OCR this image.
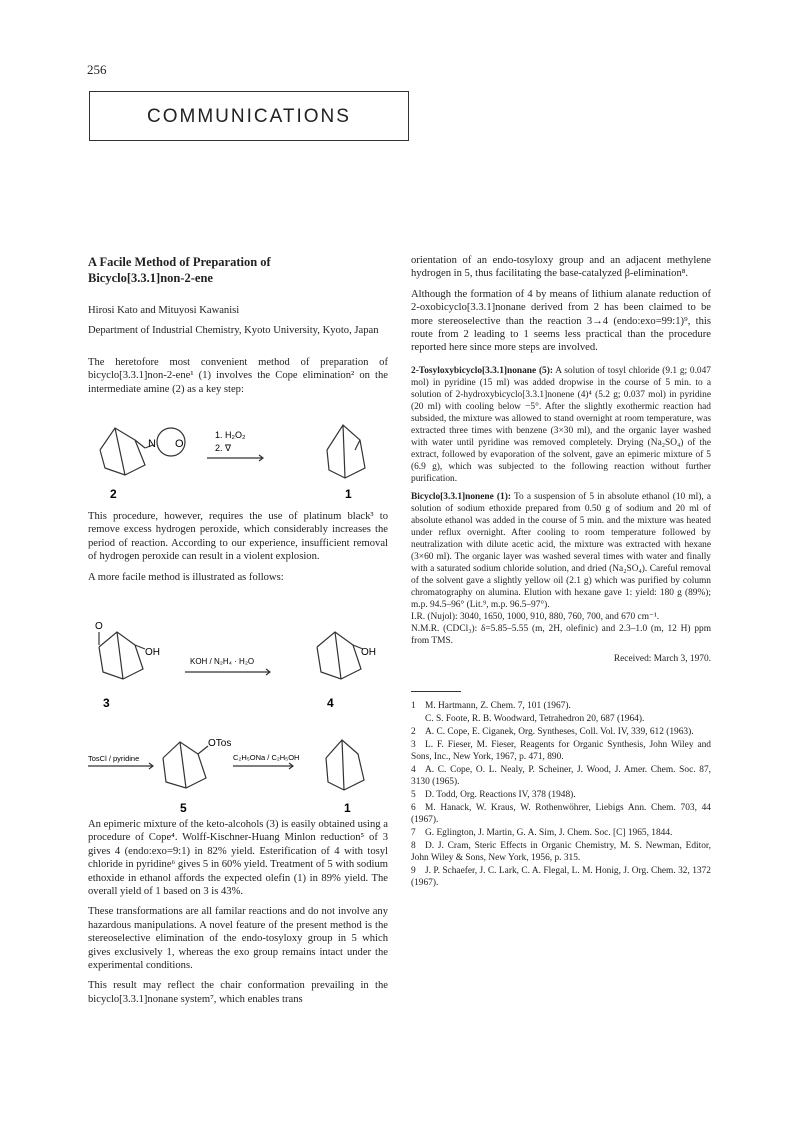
256
COMMUNICATIONS
A Facile Method of Preparation of
Bicyclo[3.3.1]non-2-ene

Hirosi Kato and Mituyosi Kawanisi

Department of Industrial Chemistry, Kyoto University, Kyoto, Japan

The heretofore most convenient method of preparation of bicyclo[3.3.1]non-2-ene¹ (1) involves the Cope elimination² on the intermediate amine (2) as a key step:

N O
1. H₂O₂
2. ∇
2	1

This procedure, however, requires the use of platinum black³ to remove excess hydrogen peroxide, which considerably increases the period of reaction. According to our experience, insufficient removal of hydrogen peroxide can result in a violent explosion.

A more facile method is illustrated as follows:

O
OH
KOH / N₂H₄ · H₂O
OH
3	4
TosCl / pyridine
OTos
C₂H₅ONa / C₂H₅OH
5	1

An epimeric mixture of the keto-alcohols (3) is easily obtained using a procedure of Cope⁴. Wolff-Kischner-Huang Minlon reduction⁵ of 3 gives 4 (endo:exo=9:1) in 82% yield. Esterification of 4 with tosyl chloride in pyridine⁶ gives 5 in 60% yield. Treatment of 5 with sodium ethoxide in ethanol affords the expected olefin (1) in 89% yield. The overall yield of 1 based on 3 is 43%.

These transformations are all familar reactions and do not involve any hazardous manipulations. A novel feature of the present method is the stereoselective elimination of the endo-tosyloxy group in 5 which gives exclusively 1, whereas the exo group remains intact under the experimental conditions.

This result may reflect the chair conformation prevailing in the bicyclo[3.3.1]nonane system⁷, which enables trans

orientation of an endo-tosyloxy group and an adjacent methylene hydrogen in 5, thus facilitating the base-catalyzed β-elimination⁸.

Although the formation of 4 by means of lithium alanate reduction of 2-oxobicyclo[3.3.1]nonane derived from 2 has been claimed to be more stereoselective than the reaction 3→4 (endo:exo=99:1)⁹, this route from 2 leading to 1 seems less practical than the procedure reported here since more steps are involved.

2-Tosyloxybicyclo[3.3.1]nonane (5): A solution of tosyl chloride (9.1 g; 0.047 mol) in pyridine (15 ml) was added dropwise in the course of 5 min. to a solution of 2-hydroxybicyclo[3.3.1]nonene (4)⁴ (5.2 g; 0.037 mol) in pyridine (20 ml) with cooling below −5°. After the slightly exothermic reaction had subsided, the mixture was allowed to stand overnight at room temperature, was extracted three times with benzene (3×30 ml), and the organic layer washed with water until pyridine was removed completely. Drying (Na₂SO₄) of the extract, followed by evaporation of the solvent, gave an epimeric mixture of 5 (6.9 g), which was subjected to the following reaction without further purification.

Bicyclo[3.3.1]nonene (1): To a suspension of 5 in absolute ethanol (10 ml), a solution of sodium ethoxide prepared from 0.50 g of sodium and 20 ml of absolute ethanol was added in the course of 5 min. and the mixture was heated under reflux overnight. After cooling to room temperature followed by neutralization with dilute acetic acid, the mixture was extracted with hexane (3×60 ml). The organic layer was washed several times with water and finally with a saturated sodium chloride solution, and dried (Na₂SO₄). Careful removal of the solvent gave a slightly yellow oil (2.1 g) which was purified by column chromatography on alumina. Elution with hexane gave 1: yield: 180 g (89%); m.p. 94.5–96° (Lit.⁹, m.p. 96.5–97°).

I.R. (Nujol): 3040, 1650, 1000, 910, 880, 760, 700, and 670 cm⁻¹.
N.M.R. (CDCl₃): δ=5.85–5.55 (m, 2H, olefinic) and 2.3–1.0 (m, 12 H) ppm from TMS.
Received: March 3, 1970.
1 M. Hartmann, Z. Chem. 7, 101 (1967).
C. S. Foote, R. B. Woodward, Tetrahedron 20, 687 (1964).
2 A. C. Cope, E. Ciganek, Org. Syntheses, Coll. Vol. IV, 339, 612 (1963).
3 L. F. Fieser, M. Fieser, Reagents for Organic Synthesis, John Wiley and Sons, Inc., New York, 1967, p. 471, 890.
4 A. C. Cope, O. L. Nealy, P. Scheiner, J. Wood, J. Amer. Chem. Soc. 87, 3130 (1965).
5 D. Todd, Org. Reactions IV, 378 (1948).
6 M. Hanack, W. Kraus, W. Rothenwöhrer, Liebigs Ann. Chem. 703, 44 (1967).
7 G. Eglington, J. Martin, G. A. Sim, J. Chem. Soc. [C] 1965, 1844.
8 D. J. Cram, Steric Effects in Organic Chemistry, M. S. Newman, Editor, John Wiley & Sons, New York, 1956, p. 315.
9 J. P. Schaefer, J. C. Lark, C. A. Flegal, L. M. Honig, J. Org. Chem. 32, 1372 (1967).
